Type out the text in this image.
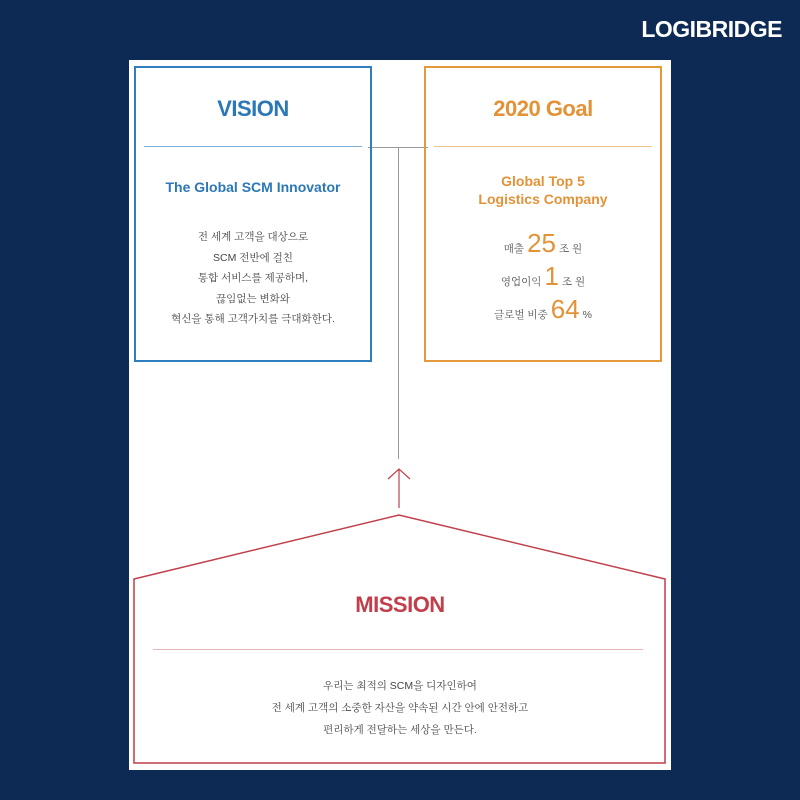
LOGIBRIDGE
VISION
The Global SCM Innovator
전 세계 고객을 대상으로
SCM 전반에 걸친
통합 서비스를 제공하며,
끊임없는 변화와
혁신을 통해 고객가치를 극대화한다.
2020 Goal
Global Top 5
Logistics Company
매출 25 조 원
영업이익 1 조 원
글로벌 비중 64 %
MISSION
우리는 최적의 SCM을 디자인하여
전 세계 고객의 소중한 자산을 약속된 시간 안에 안전하고
편리하게 전달하는 세상을 만든다.
